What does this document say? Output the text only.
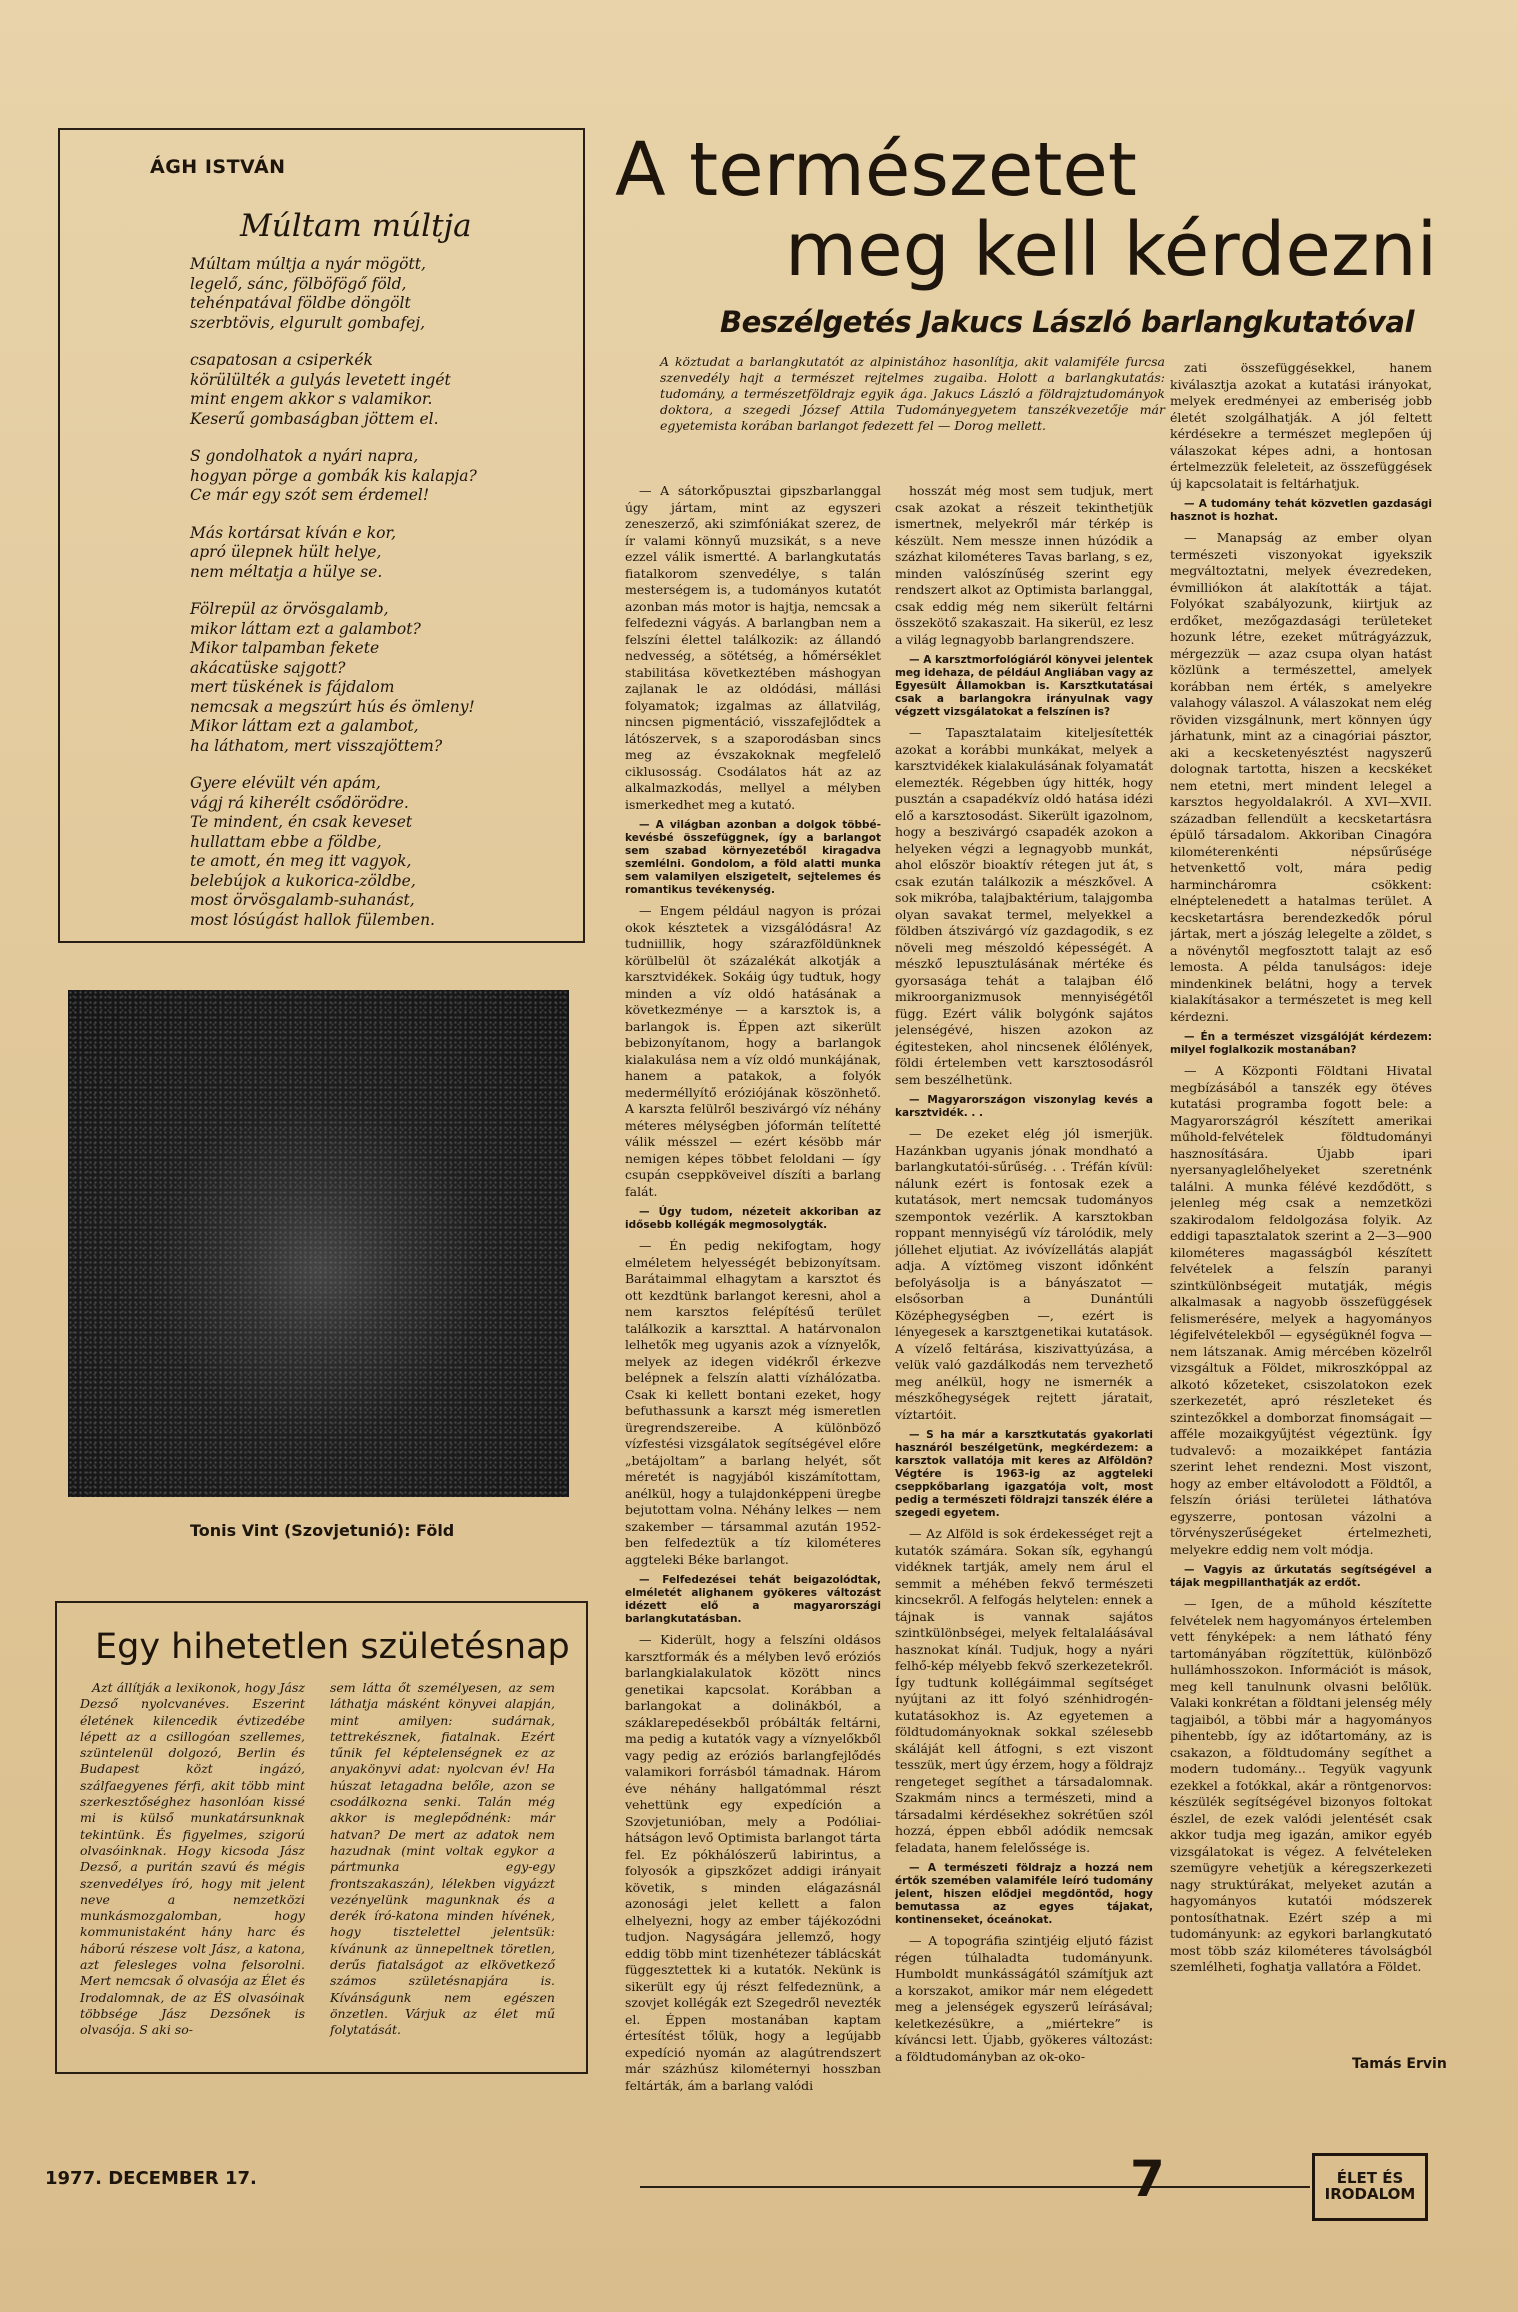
ÁGH ISTVÁN
Múltam múltja
Múltam múltja a nyár mögött,
legelő, sánc, fölböfögő föld,
tehénpatával földbe döngölt
szerbtövis, elgurult gombafej,
csapatosan a csiperkék
körülülték a gulyás levetett ingét
mint engem akkor s valamikor.
Keserű gombaságban jöttem el.
S gondolhatok a nyári napra,
hogyan pörge a gombák kis kalapja?
Ce már egy szót sem érdemel!
Más kortársat kíván e kor,
apró ülepnek hült helye,
nem méltatja a hülye se.
Fölrepül az örvösgalamb,
mikor láttam ezt a galambot?
Mikor talpamban fekete
akácatüske sajgott?
mert tüskének is fájdalom
nemcsak a megszúrt hús és ömleny!
Mikor láttam ezt a galambot,
ha láthatom, mert visszajöttem?
Gyere elévült vén apám,
vágj rá kiherélt csődörödre.
Te mindent, én csak keveset
hullattam ebbe a földbe,
te amott, én meg itt vagyok,
belebújok a kukorica-zöldbe,
most örvösgalamb-suhanást,
most lósúgást hallok fülemben.
Tonis Vint (Szovjetunió): Föld
Egy hihetetlen születésnap

Azt állítják a lexikonok, hogy Jász Dezső nyolcvanéves. Eszerint életének kilencedik évtizedébe lépett az a csillogóan szellemes, szüntelenül dolgozó, Berlin és Budapest közt ingázó, szálfaegyenes férfi, akit több mint szerkesztőséghez hasonlóan kissé mi is külső munkatársunknak tekintünk. És figyelmes, szigorú olvasóinknak. Hogy kicsoda Jász Dezső, a puritán szavú és mégis szenvedélyes író, hogy mit jelent neve a nemzetközi munkásmozgalomban, hogy kommunistaként hány harc és háború részese volt Jász, a katona, azt felesleges volna felsorolni. Mert nemcsak ő olvasója az Élet és Irodalomnak, de az ÉS olvasóinak többsége Jász Dezsőnek is olvasója. S aki so-

sem látta őt személyesen, az sem láthatja másként könyvei alapján, mint amilyen: sudárnak, tettrekésznek, fiatalnak. Ezért tűnik fel képtelenségnek ez az anyakönyvi adat: nyolcvan év! Ha húszat letagadna belőle, azon se csodálkozna senki. Talán még akkor is meglepődnénk: már hatvan? De mert az adatok nem hazudnak (mint voltak egykor a pártmunka egy-egy frontszakaszán), lélekben vigyázzt vezényelünk magunknak és a derék író-katona minden hívének, hogy tisztelettel jelentsük: kívánunk az ünnepeltnek töretlen, derűs fiatalságot az elkövetkező számos születésnapjára is. Kívánságunk nem egészen önzetlen. Várjuk az élet mű folytatását.

A természetet
meg kell kérdezni
Beszélgetés Jakucs László barlangkutatóval
A köztudat a barlangkutatót az alpinistához hasonlítja, akit valamiféle furcsa szenvedély hajt a természet rejtelmes zugaiba. Holott a barlangkutatás: tudomány, a természetföldrajz egyik ága. Jakucs László a földrajztudományok doktora, a szegedi József Attila Tudományegyetem tanszékvezetője már egyetemista korában barlangot fedezett fel — Dorog mellett.

— A sátorkőpusztai gipszbarlanggal úgy jártam, mint az egyszeri zeneszerző, aki szimfóniákat szerez, de ír valami könnyű muzsikát, s a neve ezzel válik ismertté. A barlangkutatás fiatalkorom szenvedélye, s talán mesterségem is, a tudományos kutatót azonban más motor is hajtja, nemcsak a felfedezni vágyás. A barlangban nem a felszíni élettel találkozik: az állandó nedvesség, a sötétség, a hőmérséklet stabilitása következtében máshogyan zajlanak le az oldódási, mállási folyamatok; izgalmas az állatvilág, nincsen pigmentáció, visszafejlődtek a látószervek, s a szaporodásban sincs meg az évszakoknak megfelelő ciklusosság. Csodálatos hát az az alkalmazkodás, mellyel a mélyben ismerkedhet meg a kutató.

— A világban azonban a dolgok többé-kevésbé összefüggnek, így a barlangot sem szabad környezetéből kiragadva szemlélni. Gondolom, a föld alatti munka sem valamilyen elszigetelt, sejtelemes és romantikus tevékenység.

— Engem például nagyon is prózai okok késztetek a vizsgálódásra! Az tudniillik, hogy szárazföldünknek körülbelül öt százalékát alkotják a karsztvidékek. Sokáig úgy tudtuk, hogy minden a víz oldó hatásának a következménye — a karsztok is, a barlangok is. Éppen azt sikerült bebizonyítanom, hogy a barlangok kialakulása nem a víz oldó munkájának, hanem a patakok, a folyók mederméllyítő eróziójának köszönhető. A karszta felülről beszivárgó víz néhány méteres mélységben jóformán telítetté válik mésszel — ezért késöbb már nemigen képes többet feloldani — így csupán cseppköveivel díszíti a barlang falát.

— Úgy tudom, nézeteit akkoriban az idősebb kollégák megmosolygták.

— Én pedig nekifogtam, hogy elméletem helyességét bebizonyítsam. Barátaimmal elhagytam a karsztot és ott kezdtünk barlangot keresni, ahol a nem karsztos felépítésű terület találkozik a karszttal. A határvonalon lelhetők meg ugyanis azok a víznyelők, melyek az idegen vidékről érkezve belépnek a felszín alatti vízhálózatba. Csak ki kellett bontani ezeket, hogy befuthassunk a karszt még ismeretlen üregrendszereibe. A különböző vízfestési vizsgálatok segítségével előre „betájoltam” a barlang helyét, sőt méretét is nagyjából kiszámítottam, anélkül, hogy a tulajdonképpeni üregbe bejutottam volna. Néhány lelkes — nem szakember — társammal azután 1952-ben felfedeztük a tíz kilométeres aggteleki Béke barlangot.

— Felfedezései tehát beigazolódtak, elméletét alighanem gyökeres változást idézett elő a magyarországi barlangkutatásban.

— Kiderült, hogy a felszíni oldásos karsztformák és a mélyben levő eróziós barlangkialakulatok között nincs genetikai kapcsolat. Korábban a barlangokat a dolinákból, a száklarepedésekből próbálták feltárni, ma pedig a kutatók vagy a víznyelőkből vagy pedig az eróziós barlangfejlődés valamikori forrásból támadnak. Három éve néhány hallgatómmal részt vehettünk egy expedíción a Szovjetunióban, mely a Podóliai-hátságon levő Optimista barlangot tárta fel. Ez pókhálószerű labirintus, a folyosók a gipszkőzet addigi irányait követik, s minden elágazásnál azonosági jelet kellett a falon elhelyezni, hogy az ember tájékozódni tudjon. Nagyságára jellemző, hogy eddig több mint tizenhétezer táblácskát függesztettek ki a kutatók. Nekünk is sikerült egy új részt felfedeznünk, a szovjet kollégák ezt Szegedről nevezték el. Éppen mostanában kaptam értesítést tőlük, hogy a legújabb expedíció nyomán az alagútrendszert már százhúsz kilométernyi hosszban feltárták, ám a barlang valódi

hosszát még most sem tudjuk, mert csak azokat a részeit tekinthetjük ismertnek, melyekről már térkép is készült. Nem messze innen húzódik a százhat kilométeres Tavas barlang, s ez, minden valószínűség szerint egy rendszert alkot az Optimista barlanggal, csak eddig még nem sikerült feltárni összekötő szakaszait. Ha sikerül, ez lesz a világ legnagyobb barlangrendszere.

— A karsztmorfológiáról könyvei jelentek meg idehaza, de például Angliában vagy az Egyesült Államokban is. Karsztkutatásai csak a barlangokra irányulnak vagy végzett vizsgálatokat a felszínen is?

— Tapasztalataim kiteljesítették azokat a korábbi munkákat, melyek a karsztvidékek kialakulásának folyamatát elemezték. Régebben úgy hitték, hogy pusztán a csapadékvíz oldó hatása idézi elő a karsztosodást. Sikerült igazolnom, hogy a beszivárgó csapadék azokon a helyeken végzi a legnagyobb munkát, ahol először bioaktív rétegen jut át, s csak ezután találkozik a mészkővel. A sok mikróba, talajbaktérium, talajgomba olyan savakat termel, melyekkel a földben átszivárgó víz gazdagodik, s ez növeli meg mészoldó képességét. A mészkő lepusztulásának mértéke és gyorsasága tehát a talajban élő mikroorganizmusok mennyiségétől függ. Ezért válik bolygónk sajátos jelenségévé, hiszen azokon az égitesteken, ahol nincsenek élőlények, földi értelemben vett karsztosodásról sem beszélhetünk.

— Magyarországon viszonylag kevés a karsztvidék. . .

— De ezeket elég jól ismerjük. Hazánkban ugyanis jónak mondható a barlangkutatói-sűrűség. . . Tréfán kívül: nálunk ezért is fontosak ezek a kutatások, mert nemcsak tudományos szempontok vezérlik. A karsztokban roppant mennyiségű víz tárolódik, mely jóllehet eljutiat. Az ivóvízellátás alapját adja. A víztömeg viszont időnként befolyásolja is a bányászatot — elsősorban a Dunántúli Középhegységben —, ezért is lényegesek a karsztgenetikai kutatások. A vízelő feltárása, kiszivattyúzása, a velük való gazdálkodás nem tervezhető meg anélkül, hogy ne ismernék a mészkőhegységek rejtett járatait, víztartóit.

— S ha már a karsztkutatás gyakorlati hasznáról beszélgetünk, megkérdezem: a karsztok vallatója mit keres az Alföldön? Végtére is 1963-ig az aggteleki cseppkőbarlang igazgatója volt, most pedig a természeti földrajzi tanszék élére a szegedi egyetem.

— Az Alföld is sok érdekességet rejt a kutatók számára. Sokan sík, egyhangú vidéknek tartják, amely nem árul el semmit a méhében fekvő természeti kincsekről. A felfogás helytelen: ennek a tájnak is vannak sajátos szintkülönbségei, melyek feltalaláásával hasznokat kínál. Tudjuk, hogy a nyári felhő-kép mélyebb fekvő szerkezetekről. Így tudtunk kollégáimmal segítséget nyújtani az itt folyó szénhidrogén-kutatásokhoz is. Az egyetemen a földtudományoknak sokkal szélesebb skáláját kell átfogni, s ezt viszont tesszük, mert úgy érzem, hogy a földrajz rengeteget segíthet a társadalomnak. Szakmám nincs a természeti, mind a társadalmi kérdésekhez sokrétűen szól hozzá, éppen ebből adódik nemcsak feladata, hanem felelőssége is.

— A természeti földrajz a hozzá nem értők szemében valamiféle leíró tudomány jelent, hiszen elődjei megdöntőd, hogy bemutassa az egyes tájakat, kontinenseket, óceánokat.

— A topográfia szintjéig eljutó fázist régen túlhaladta tudományunk. Humboldt munkásságától számítjuk azt a korszakot, amikor már nem elégedett meg a jelenségek egyszerű leírásával; keletkezésükre, a „miértekre” is kíváncsi lett. Újabb, gyökeres változást: a földtudományban az ok-oko-

zati összefüggésekkel, hanem kiválasztja azokat a kutatási irányokat, melyek eredményei az emberiség jobb életét szolgálhatják. A jól feltett kérdésekre a természet meglepően új válaszokat képes adni, a hontosan értelmezzük feleleteit, az összefüggések új kapcsolatait is feltárhatjuk.

— A tudomány tehát közvetlen gazdasági hasznot is hozhat.

— Manapság az ember olyan természeti viszonyokat igyekszik megváltoztatni, melyek évezredeken, évmilliókon át alakították a tájat. Folyókat szabályozunk, kiirtjuk az erdőket, mezőgazdasági területeket hozunk létre, ezeket műtrágyázzuk, mérgezzük — azaz csupa olyan hatást közlünk a természettel, amelyek korábban nem érték, s amelyekre valahogy válaszol. A válaszokat nem elég röviden vizsgálnunk, mert könnyen úgy járhatunk, mint az a cinagóriai pásztor, aki a kecsketenyésztést nagyszerű dolognak tartotta, hiszen a kecskéket nem etetni, mert mindent lelegel a karsztos hegyoldalakról. A XVI—XVII. században fellendült a kecsketartásra épülő társadalom. Akkoriban Cinagóra kilométerenkénti népsűrűsége hetvenkettő volt, mára pedig harmincháromra csökkent: elnéptelenedett a hatalmas terület. A kecsketartásra berendezkedők pórul jártak, mert a jószág lelegelte a zöldet, s a növénytől megfosztott talajt az eső lemosta. A példa tanulságos: ideje mindenkinek belátni, hogy a tervek kialakításakor a természetet is meg kell kérdezni.

— Én a természet vizsgálóját kérdezem: milyel foglalkozik mostanában?

— A Központi Földtani Hivatal megbízásából a tanszék egy ötéves kutatási programba fogott bele: a Magyarországról készített amerikai műhold-felvételek földtudományi hasznosítására. Újabb ipari nyersanyaglelőhelyeket szeretnénk találni. A munka félévé kezdődött, s jelenleg még csak a nemzetközi szakirodalom feldolgozása folyik. Az eddigi tapasztalatok szerint a 2—3—900 kilométeres magasságból készített felvételek a felszín paranyi szintkülönbségeit mutatják, mégis alkalmasak a nagyobb összefüggések felismerésére, melyek a hagyományos légifelvételekből — egységüknél fogva — nem látszanak. Amig mércében közelről vizsgáltuk a Földet, mikroszkóppal az alkotó kőzeteket, csiszolatokon ezek szerkezetét, apró részleteket és szintezőkkel a domborzat finomságait — afféle mozaikgyűjtést végeztünk. Így tudvalevő: a mozaikképet fantázia szerint lehet rendezni. Most viszont, hogy az ember eltávolodott a Földtől, a felszín óriási területei láthatóva egyszerre, pontosan vázolni a törvényszerűségeket értelmezheti, melyekre eddig nem volt módja.

— Vagyis az űrkutatás segítségével a tájak megpillanthatják az erdőt.

— Igen, de a műhold készítette felvételek nem hagyományos értelemben vett fényképek: a nem látható fény tartományában rögzítettük, különböző hullámhosszokon. Információt is mások, meg kell tanulnunk olvasni belőlük. Valaki konkrétan a földtani jelenség mély tagjaiból, a többi már a hagyományos pihentebb, így az időtartomány, az is csakazon, a földtudomány segíthet a modern tudomány... Tegyük vagyunk ezekkel a fotókkal, akár a röntgenorvos: készülék segítségével bizonyos foltokat észlel, de ezek valódi jelentését csak akkor tudja meg igazán, amikor egyéb vizsgálatokat is végez. A felvételeken szemügyre vehetjük a kéregszerkezeti nagy struktúrákat, melyeket azután a hagyományos kutatói módszerek pontosíthatnak. Ezért szép a mi tudományunk: az egykori barlangkutató most több száz kilométeres távolságból szemlélheti, foghatja vallatóra a Földet.

Tamás Ervin
1977. DECEMBER 17.	7	ÉLET ÉS
IRODALOM
